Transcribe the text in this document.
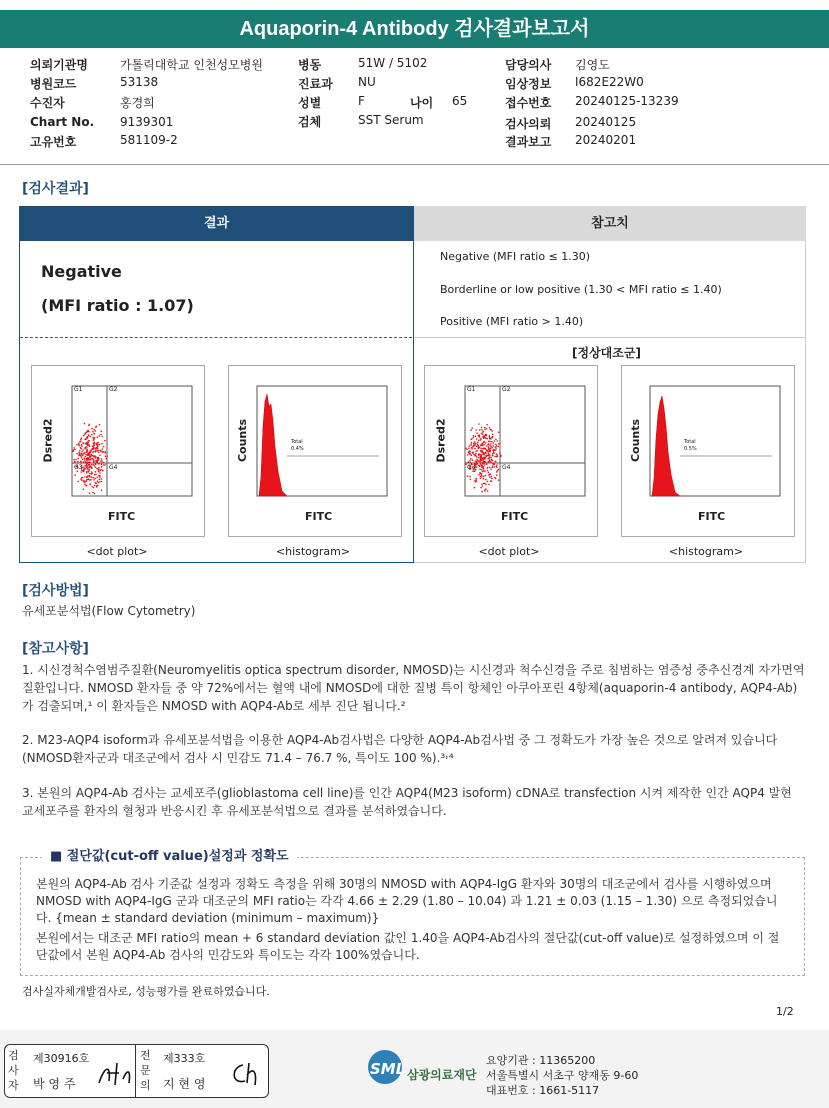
Aquaporin-4 Antibody 검사결과보고서
의뢰기관명	가톨릭대학교 인천성모병원
병원코드	53138
수진자	홍경희
Chart No. 9139301
고유번호	581109-2
병동	51W / 5102
진료과 NU
성별	F	나이 65
검체	SST Serum
담당의사 김영도
임상정보 I682E22W0
접수번호 20240125-13239
검사의뢰 20240125
결과보고 20240201
[검사결과]
결과	참고치
Negative
(MFI ratio : 1.07)
Negative (MFI ratio ≤ 1.30)
Borderline or low positive (1.30 < MFI ratio ≤ 1.40)
Positive (MFI ratio > 1.40)
[정상대조군]
G1	G2
G3	G4
Dsred2
FITC
<dot plot>
Total
0.4%
Counts
FITC
<histogram>
G1	G2
G3	G4
Dsred2
FITC
<dot plot>
Total
0.5%
Counts
FITC
<histogram>
[검사방법]
유세포분석법(Flow Cytometry)
[참고사항]
1. 시신경척수염범주질환(Neuromyelitis optica spectrum disorder, NMOSD)는 시신경과 척수신경을 주로 침범하는 염증성 중추신경계 자가면역 질환입니다. NMOSD 환자들 중 약 72%에서는 혈액 내에 NMOSD에 대한 질병 특이 항체인 아쿠아포린 4항체(aquaporin-4 antibody, AQP4-Ab)가 검출되며,¹ 이 환자들은 NMOSD with AQP4-Ab로 세부 진단 됩니다.²
2. M23-AQP4 isoform과 유세포분석법을 이용한 AQP4-Ab검사법은 다양한 AQP4-Ab검사법 중 그 정확도가 가장 높은 것으로 알려져 있습니다(NMOSD환자군과 대조군에서 검사 시 민감도 71.4 – 76.7 %, 특이도 100 %).³˒⁴
3. 본원의 AQP4-Ab 검사는 교세포주(glioblastoma cell line)를 인간 AQP4(M23 isoform) cDNA로 transfection 시켜 제작한 인간 AQP4 발현 교세포주를 환자의 혈청과 반응시킨 후 유세포분석법으로 결과를 분석하였습니다.
■ 절단값(cut-off value)설정과 정확도
본원의 AQP4-Ab 검사 기준값 설정과 정확도 측정을 위해 30명의 NMOSD with AQP4-IgG 환자와 30명의 대조군에서 검사를 시행하였으며 NMOSD with AQP4-IgG 군과 대조군의 MFI ratio는 각각 4.66 ± 2.29 (1.80 – 10.04) 과 1.21 ± 0.03 (1.15 – 1.30) 으로 측정되었습니다. {mean ± standard deviation (minimum – maximum)}
본원에서는 대조군 MFI ratio의 mean + 6 standard deviation 값인 1.40을 AQP4-Ab검사의 절단값(cut-off value)로 설정하였으며 이 절단값에서 본원 AQP4-Ab 검사의 민감도와 특이도는 각각 100%였습니다.
검사실자체개발검사로, 성능평가를 완료하였습니다.
1/2
검사자
제30916호
박 영 주
전문의
제333호
지 현 영
SML 삼광의료재단
요양기관 : 11365200
서울특별시 서초구 양재동 9-60
대표번호 : 1661-5117
